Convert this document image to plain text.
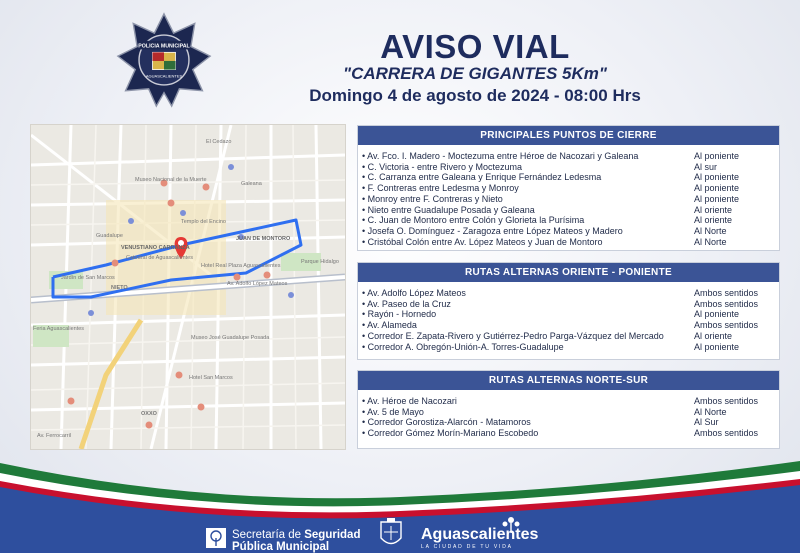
POLICIA MUNICIPAL
AGUASCALIENTES
AVISO VIAL
"CARRERA DE GIGANTES 5Km"
Domingo 4 de agosto de 2024 - 08:00 Hrs
El Cedazo
Museo Nacional de la Muerte
Templo del Encino
Jardín de San Marcos
VENUSTIANO CARRANZA
JUAN DE MONTORO
Catedral de Aguascalientes
Hotel Real Plaza Aguascalientes
Parque Hidalgo
Feria Aguascalientes
Museo José Guadalupe Posada
Hotel San Marcos
OXXO
Av. Adolfo López Mateos
Av. Ferrocarril
Guadalupe
NIETO
Galeana
PRINCIPALES PUNTOS DE CIERRE
• Av. Fco. I. Madero - Moctezuma entre Héroe de Nacozari y Galeana	Al poniente
• C. Victoria - entre Rivero y Moctezuma	Al sur
• C. Carranza entre Galeana y Enrique Fernández Ledesma	Al poniente
• F. Contreras entre Ledesma y Monroy	Al poniente
• Monroy entre F. Contreras y Nieto	Al poniente
• Nieto entre Guadalupe Posada y Galeana	Al oriente
• C. Juan de Montoro entre Colón y Glorieta la Purísima	Al oriente
• Josefa O. Domínguez - Zaragoza entre López Mateos y Madero	Al Norte
• Cristóbal Colón entre Av. López Mateos y Juan de Montoro	Al Norte
RUTAS ALTERNAS ORIENTE - PONIENTE
• Av. Adolfo López Mateos	Ambos sentidos
• Av. Paseo de la Cruz	Ambos sentidos
• Rayón - Hornedo	Al poniente
• Av. Alameda	Ambos sentidos
• Corredor E. Zapata-Rivero y Gutiérrez-Pedro Parga-Vázquez del Mercado	Al oriente
• Corredor A. Obregón-Unión-A. Torres-Guadalupe	Al poniente
RUTAS ALTERNAS NORTE-SUR
• Av. Héroe de Nacozari	Ambos sentidos
• Av. 5 de Mayo	Al Norte
• Corredor Gorostiza-Alarcón - Matamoros	Al Sur
• Corredor Gómez Morín-Mariano Escobedo	Ambos sentidos
Secretaría de Seguridad
Pública Municipal
Aguascalientes
LA CIUDAD DE TU VIDA
